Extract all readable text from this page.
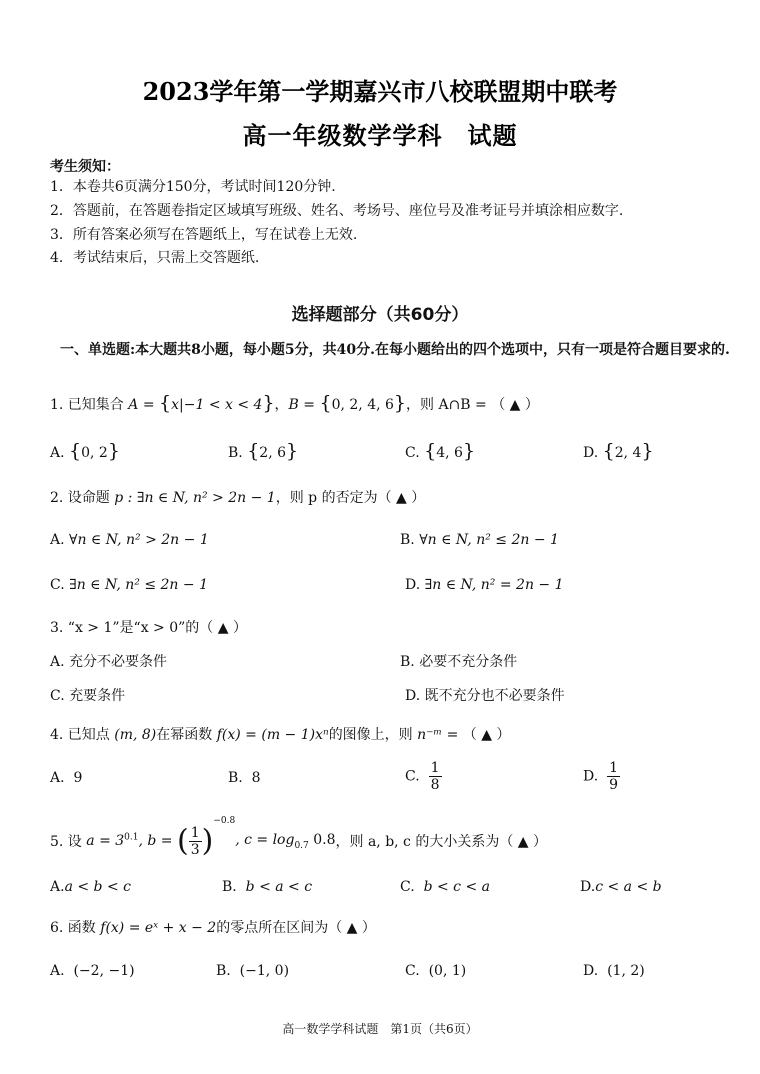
2023学年第一学期嘉兴市八校联盟期中联考
高一年级数学学科　试题
考生须知：
1．本卷共6页满分150分，考试时间120分钟.
2．答题前，在答题卷指定区域填写班级、姓名、考场号、座位号及准考证号并填涂相应数字.
3．所有答案必须写在答题纸上，写在试卷上无效.
4．考试结束后，只需上交答题纸.
选择题部分（共60分）
一、单选题:本大题共8小题，每小题5分，共40分.在每小题给出的四个选项中，只有一项是符合题目要求的.
1. 已知集合 A = {x|−1 < x < 4}，B = {0, 2, 4, 6}，则 A∩B = （ ▲ ）
A. {0, 2}	B. {2, 6}	C. {4, 6}	D. {2, 4}
2. 设命题 p : ∃n ∈ N, n² > 2n − 1，则 p 的否定为（ ▲ ）
A. ∀n ∈ N, n² > 2n − 1	B. ∀n ∈ N, n² ≤ 2n − 1
C. ∃n ∈ N, n² ≤ 2n − 1	D. ∃n ∈ N, n² = 2n − 1
3. “x > 1”是“x > 0”的（ ▲ ）
A. 充分不必要条件	B. 必要不充分条件
C. 充要条件	D. 既不充分也不必要条件
4. 已知点 (m, 8)在幂函数 f(x) = (m − 1)xⁿ的图像上，则 n⁻ᵐ = （ ▲ ）
A. 9	B. 8	C. $\frac{1}{8}$	D. $\frac{1}{9}$
5. 设 $a = 3^{0.1}$, b = ( $\frac{1}{3} )^{-0.8}$, $c = \log_{0.7} 0.8$，则 a, b, c 的大小关系为（ ▲ ）
A.a < b < c	B. b < a < c	C. b < c < a	D.c < a < b
6. 函数 f(x) = eˣ + x − 2的零点所在区间为（ ▲ ）
A. (−2, −1)	B. (−1, 0)	C. (0, 1)	D. (1, 2)
高一数学学科试题　第1页（共6页）
